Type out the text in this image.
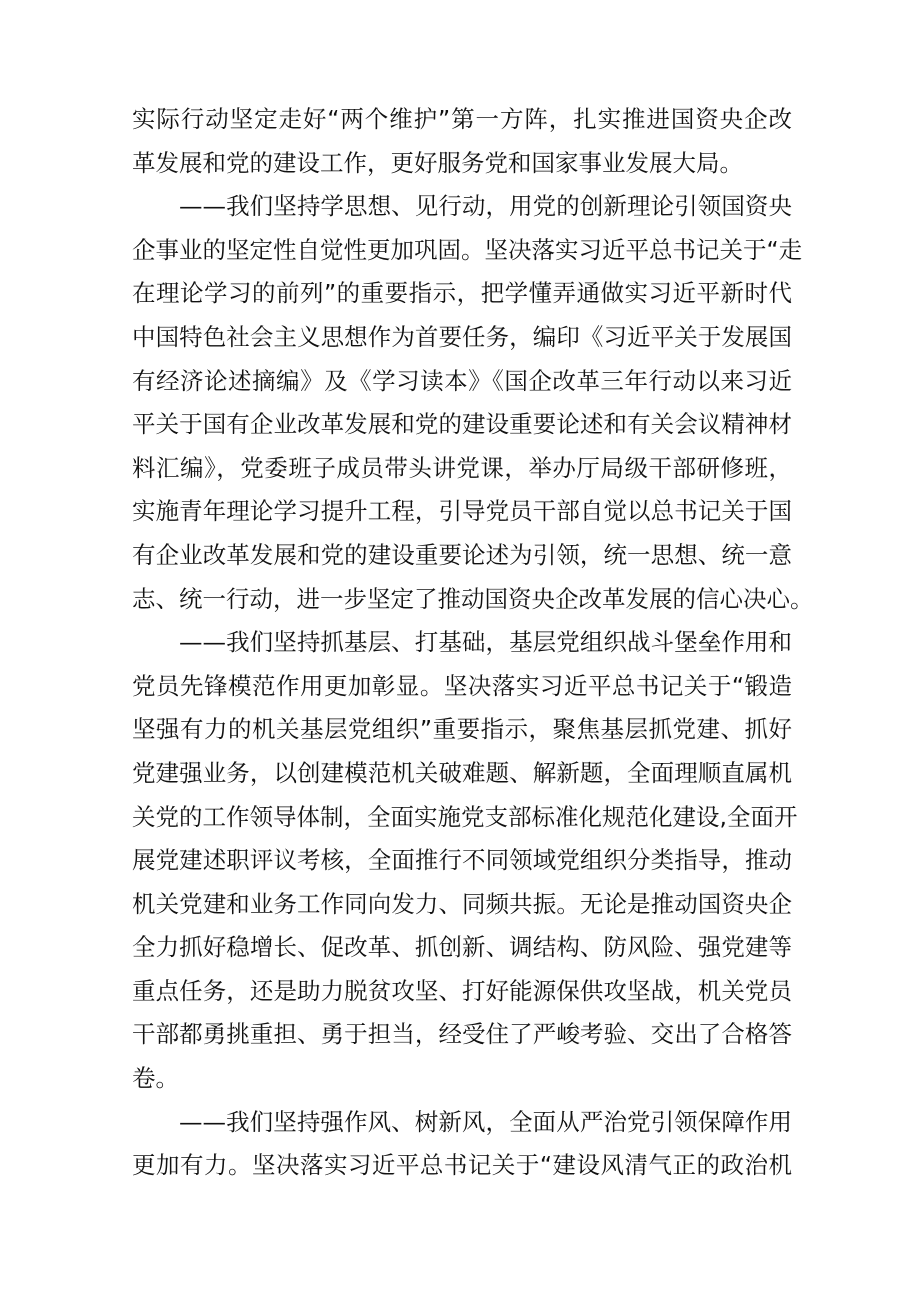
实际行动坚定走好“两个维护”第一方阵，扎实推进国资央企改
革发展和党的建设工作，更好服务党和国家事业发展大局。
——我们坚持学思想、见行动，用党的创新理论引领国资央
企事业的坚定性自觉性更加巩固。坚决落实习近平总书记关于“走
在理论学习的前列”的重要指示，把学懂弄通做实习近平新时代
中国特色社会主义思想作为首要任务，编印《习近平关于发展国
有经济论述摘编》及《学习读本》《国企改革三年行动以来习近
平关于国有企业改革发展和党的建设重要论述和有关会议精神材
料汇编》，党委班子成员带头讲党课，举办厅局级干部研修班，
实施青年理论学习提升工程，引导党员干部自觉以总书记关于国
有企业改革发展和党的建设重要论述为引领，统一思想、统一意
志、统一行动，进一步坚定了推动国资央企改革发展的信心决心。
——我们坚持抓基层、打基础，基层党组织战斗堡垒作用和
党员先锋模范作用更加彰显。坚决落实习近平总书记关于“锻造
坚强有力的机关基层党组织”重要指示，聚焦基层抓党建、抓好
党建强业务，以创建模范机关破难题、解新题，全面理顺直属机
关党的工作领导体制，全面实施党支部标准化规范化建设,全面开
展党建述职评议考核，全面推行不同领域党组织分类指导，推动
机关党建和业务工作同向发力、同频共振。无论是推动国资央企
全力抓好稳增长、促改革、抓创新、调结构、防风险、强党建等
重点任务，还是助力脱贫攻坚、打好能源保供攻坚战，机关党员
干部都勇挑重担、勇于担当，经受住了严峻考验、交出了合格答
卷。
——我们坚持强作风、树新风，全面从严治党引领保障作用
更加有力。坚决落实习近平总书记关于“建设风清气正的政治机
